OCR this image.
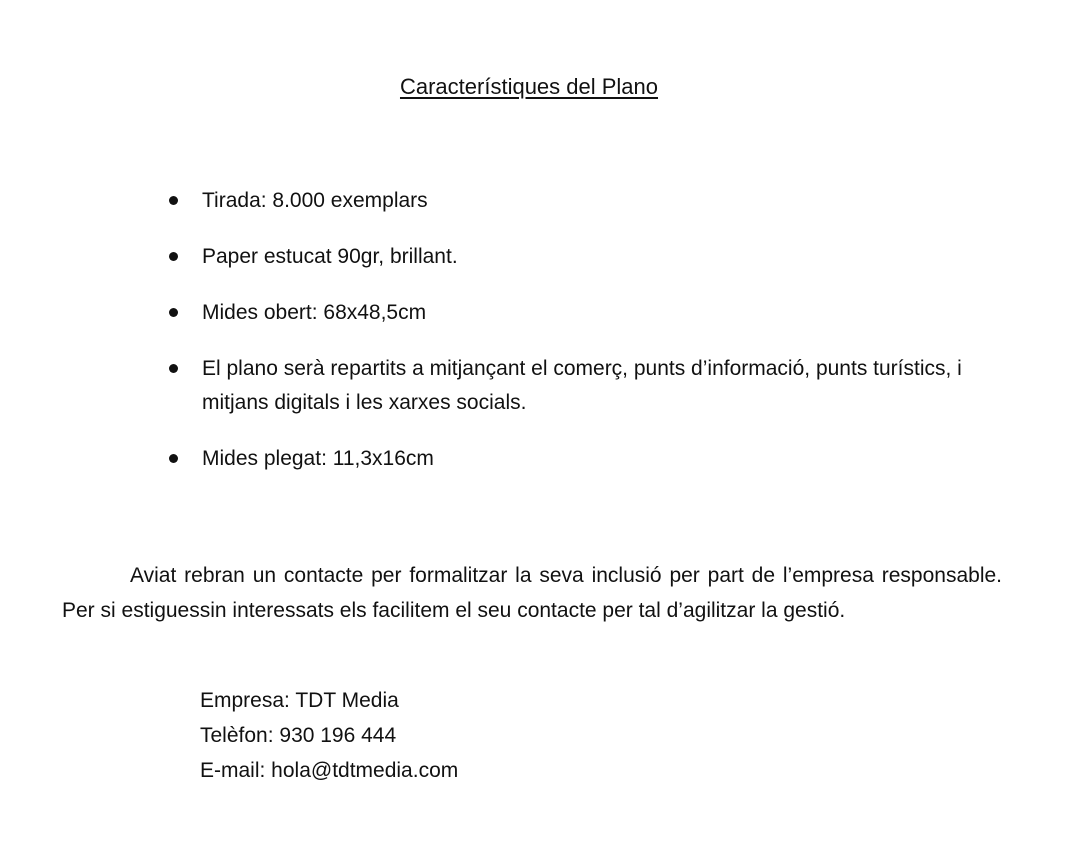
Característiques del Plano
Tirada: 8.000 exemplars
Paper estucat 90gr, brillant.
Mides obert: 68x48,5cm
El plano serà repartits a mitjançant el comerç, punts d’informació, punts turístics, i mitjans digitals i les xarxes socials.
Mides plegat: 11,3x16cm

Aviat rebran un contacte per formalitzar la seva inclusió per part de l’empresa responsable. Per si estiguessin interessats els facilitem el seu contacte per tal d’agilitzar la gestió.

Empresa: TDT Media
Telèfon: 930 196 444
E-mail: hola@tdtmedia.com
